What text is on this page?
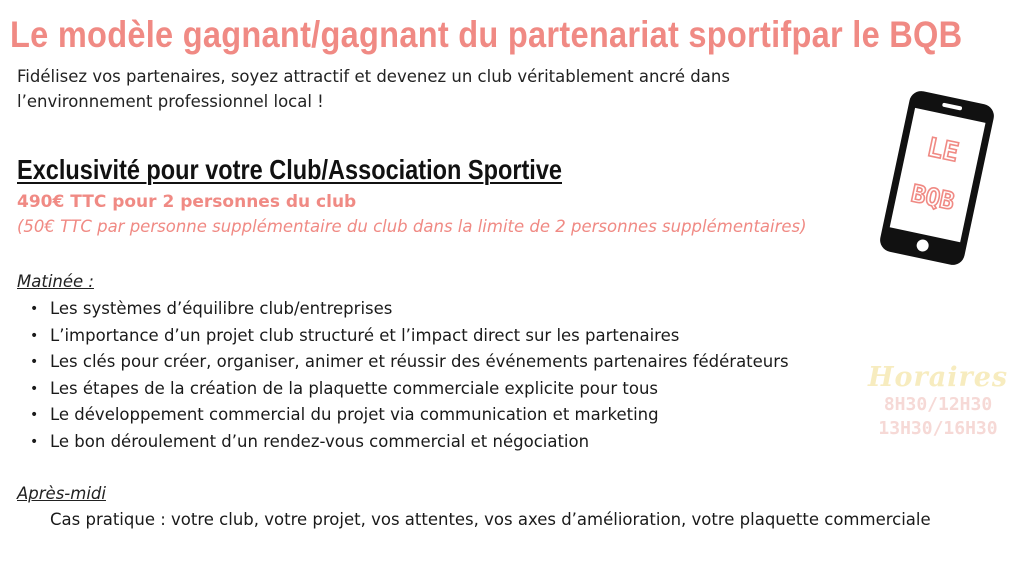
Le modèle gagnant/gagnant du partenariat sportifpar le BQB
Fidélisez vos partenaires, soyez attractif et devenez un club véritablement ancré dans l’environnement professionnel local !
Exclusivité pour votre Club/Association Sportive
490€ TTC pour 2 personnes du club
(50€ TTC par personne supplémentaire du club dans la limite de 2 personnes supplémentaires)
Matinée :
• Les systèmes d’équilibre club/entreprises
• L’importance d’un projet club structuré et l’impact direct sur les partenaires
• Les clés pour créer, organiser, animer et réussir des événements partenaires fédérateurs
• Les étapes de la création de la plaquette commerciale explicite pour tous
• Le développement commercial du projet via communication et marketing
• Le bon déroulement d’un rendez-vous commercial et négociation
Après-midi
Cas pratique : votre club, votre projet, vos attentes, vos axes d’amélioration, votre plaquette commerciale
LE
BQB
Horaires
8H30/12H30
13H30/16H30
